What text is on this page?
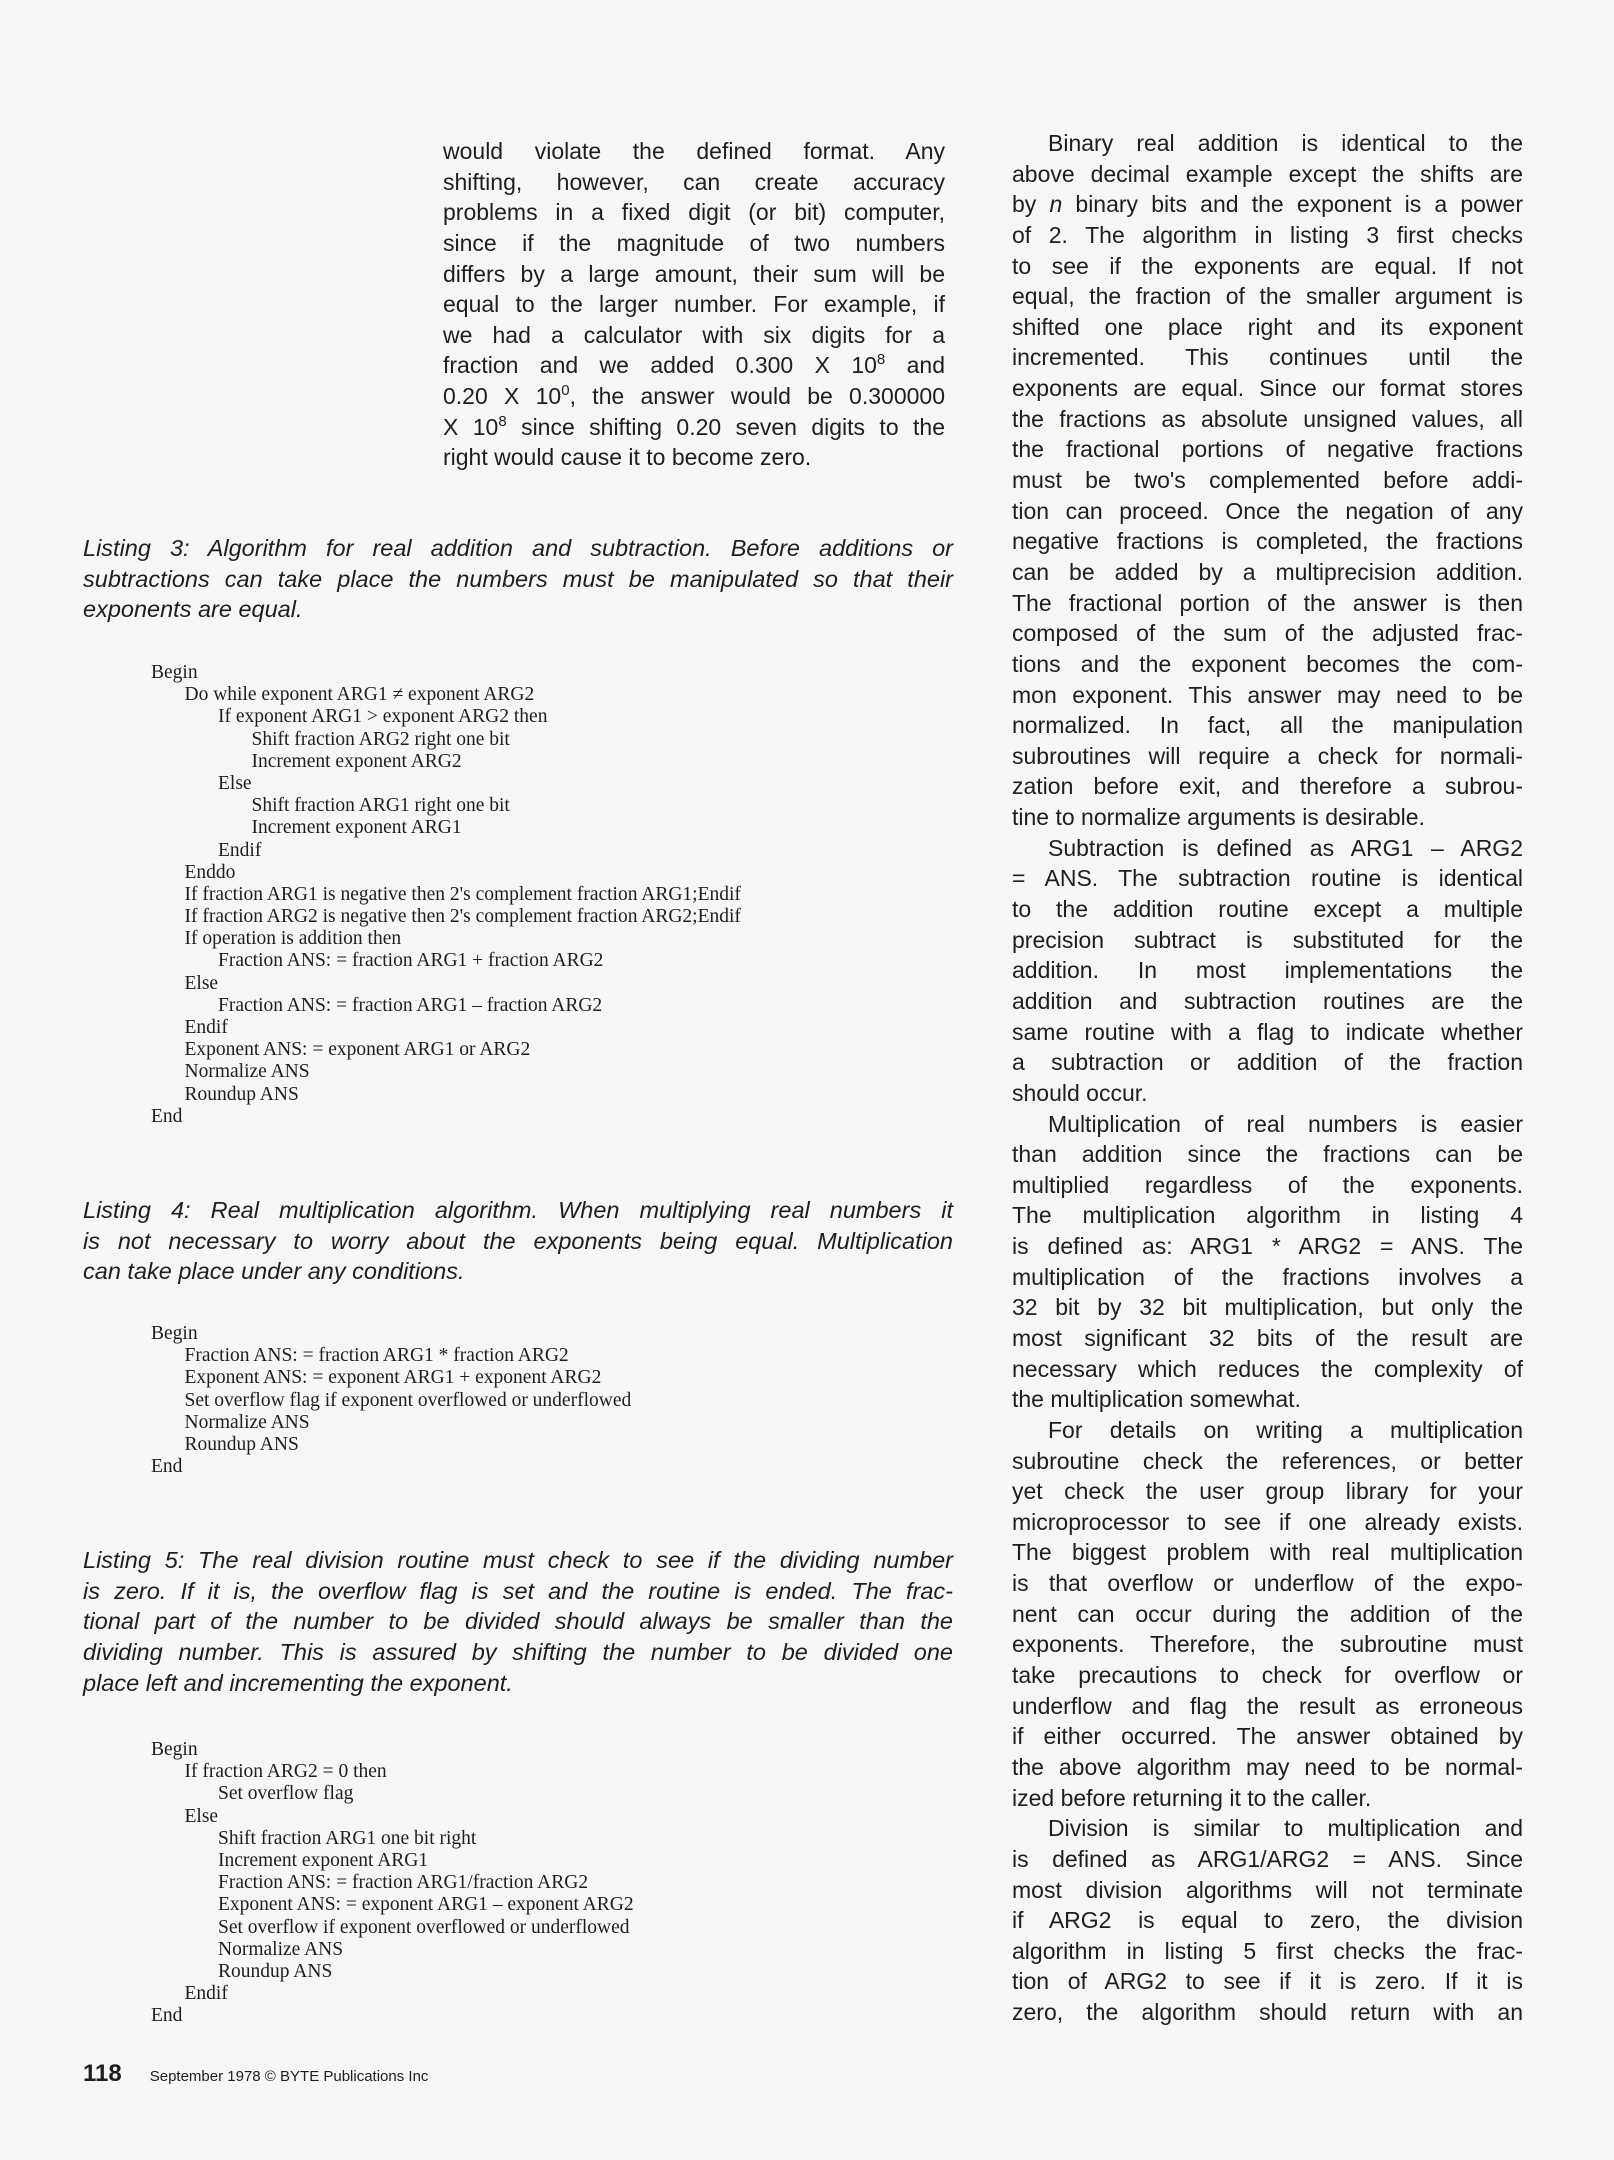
would violate the defined format. Any
shifting, however, can create accuracy
problems in a fixed digit (or bit) computer,
since if the magnitude of two numbers
differs by a large amount, their sum will be
equal to the larger number. For example, if
we had a calculator with six digits for a
fraction and we added 0.300 X $10^8$ and
0.20 X $10^0$, the answer would be 0.300000
X $10^8$ since shifting 0.20 seven digits to the
right would cause it to become zero.
Listing 3: Algorithm for real addition and subtraction. Before additions or
subtractions can take place the numbers must be manipulated so that their
exponents are equal.
Begin
Do while exponent ARG1 ≠ exponent ARG2
If exponent ARG1 > exponent ARG2 then
Shift fraction ARG2 right one bit
Increment exponent ARG2
Else
Shift fraction ARG1 right one bit
Increment exponent ARG1
Endif
Enddo
If fraction ARG1 is negative then 2's complement fraction ARG1;Endif
If fraction ARG2 is negative then 2's complement fraction ARG2;Endif
If operation is addition then
Fraction ANS: = fraction ARG1 + fraction ARG2
Else
Fraction ANS: = fraction ARG1 – fraction ARG2
Endif
Exponent ANS: = exponent ARG1 or ARG2
Normalize ANS
Roundup ANS
End
Listing 4: Real multiplication algorithm. When multiplying real numbers it
is not necessary to worry about the exponents being equal. Multiplication
can take place under any conditions.
Begin
Fraction ANS: = fraction ARG1 * fraction ARG2
Exponent ANS: = exponent ARG1 + exponent ARG2
Set overflow flag if exponent overflowed or underflowed
Normalize ANS
Roundup ANS
End
Listing 5: The real division routine must check to see if the dividing number
is zero. If it is, the overflow flag is set and the routine is ended. The frac-
tional part of the number to be divided should always be smaller than the
dividing number. This is assured by shifting the number to be divided one
place left and incrementing the exponent.
Begin
If fraction ARG2 = 0 then
Set overflow flag
Else
Shift fraction ARG1 one bit right
Increment exponent ARG1
Fraction ANS: = fraction ARG1/fraction ARG2
Exponent ANS: = exponent ARG1 – exponent ARG2
Set overflow if exponent overflowed or underflowed
Normalize ANS
Roundup ANS
Endif
End
Binary real addition is identical to the
above decimal example except the shifts are
by n binary bits and the exponent is a power
of 2. The algorithm in listing 3 first checks
to see if the exponents are equal. If not
equal, the fraction of the smaller argument is
shifted one place right and its exponent
incremented. This continues until the
exponents are equal. Since our format stores
the fractions as absolute unsigned values, all
the fractional portions of negative fractions
must be two's complemented before addi-
tion can proceed. Once the negation of any
negative fractions is completed, the fractions
can be added by a multiprecision addition.
The fractional portion of the answer is then
composed of the sum of the adjusted frac-
tions and the exponent becomes the com-
mon exponent. This answer may need to be
normalized. In fact, all the manipulation
subroutines will require a check for normali-
zation before exit, and therefore a subrou-
tine to normalize arguments is desirable.
Subtraction is defined as ARG1 – ARG2
= ANS. The subtraction routine is identical
to the addition routine except a multiple
precision subtract is substituted for the
addition. In most implementations the
addition and subtraction routines are the
same routine with a flag to indicate whether
a subtraction or addition of the fraction
should occur.
Multiplication of real numbers is easier
than addition since the fractions can be
multiplied regardless of the exponents.
The multiplication algorithm in listing 4
is defined as: ARG1 * ARG2 = ANS. The
multiplication of the fractions involves a
32 bit by 32 bit multiplication, but only the
most significant 32 bits of the result are
necessary which reduces the complexity of
the multiplication somewhat.
For details on writing a multiplication
subroutine check the references, or better
yet check the user group library for your
microprocessor to see if one already exists.
The biggest problem with real multiplication
is that overflow or underflow of the expo-
nent can occur during the addition of the
exponents. Therefore, the subroutine must
take precautions to check for overflow or
underflow and flag the result as erroneous
if either occurred. The answer obtained by
the above algorithm may need to be normal-
ized before returning it to the caller.
Division is similar to multiplication and
is defined as ARG1/ARG2 = ANS. Since
most division algorithms will not terminate
if ARG2 is equal to zero, the division
algorithm in listing 5 first checks the frac-
tion of ARG2 to see if it is zero. If it is
zero, the algorithm should return with an
118 September 1978 © BYTE Publications Inc
